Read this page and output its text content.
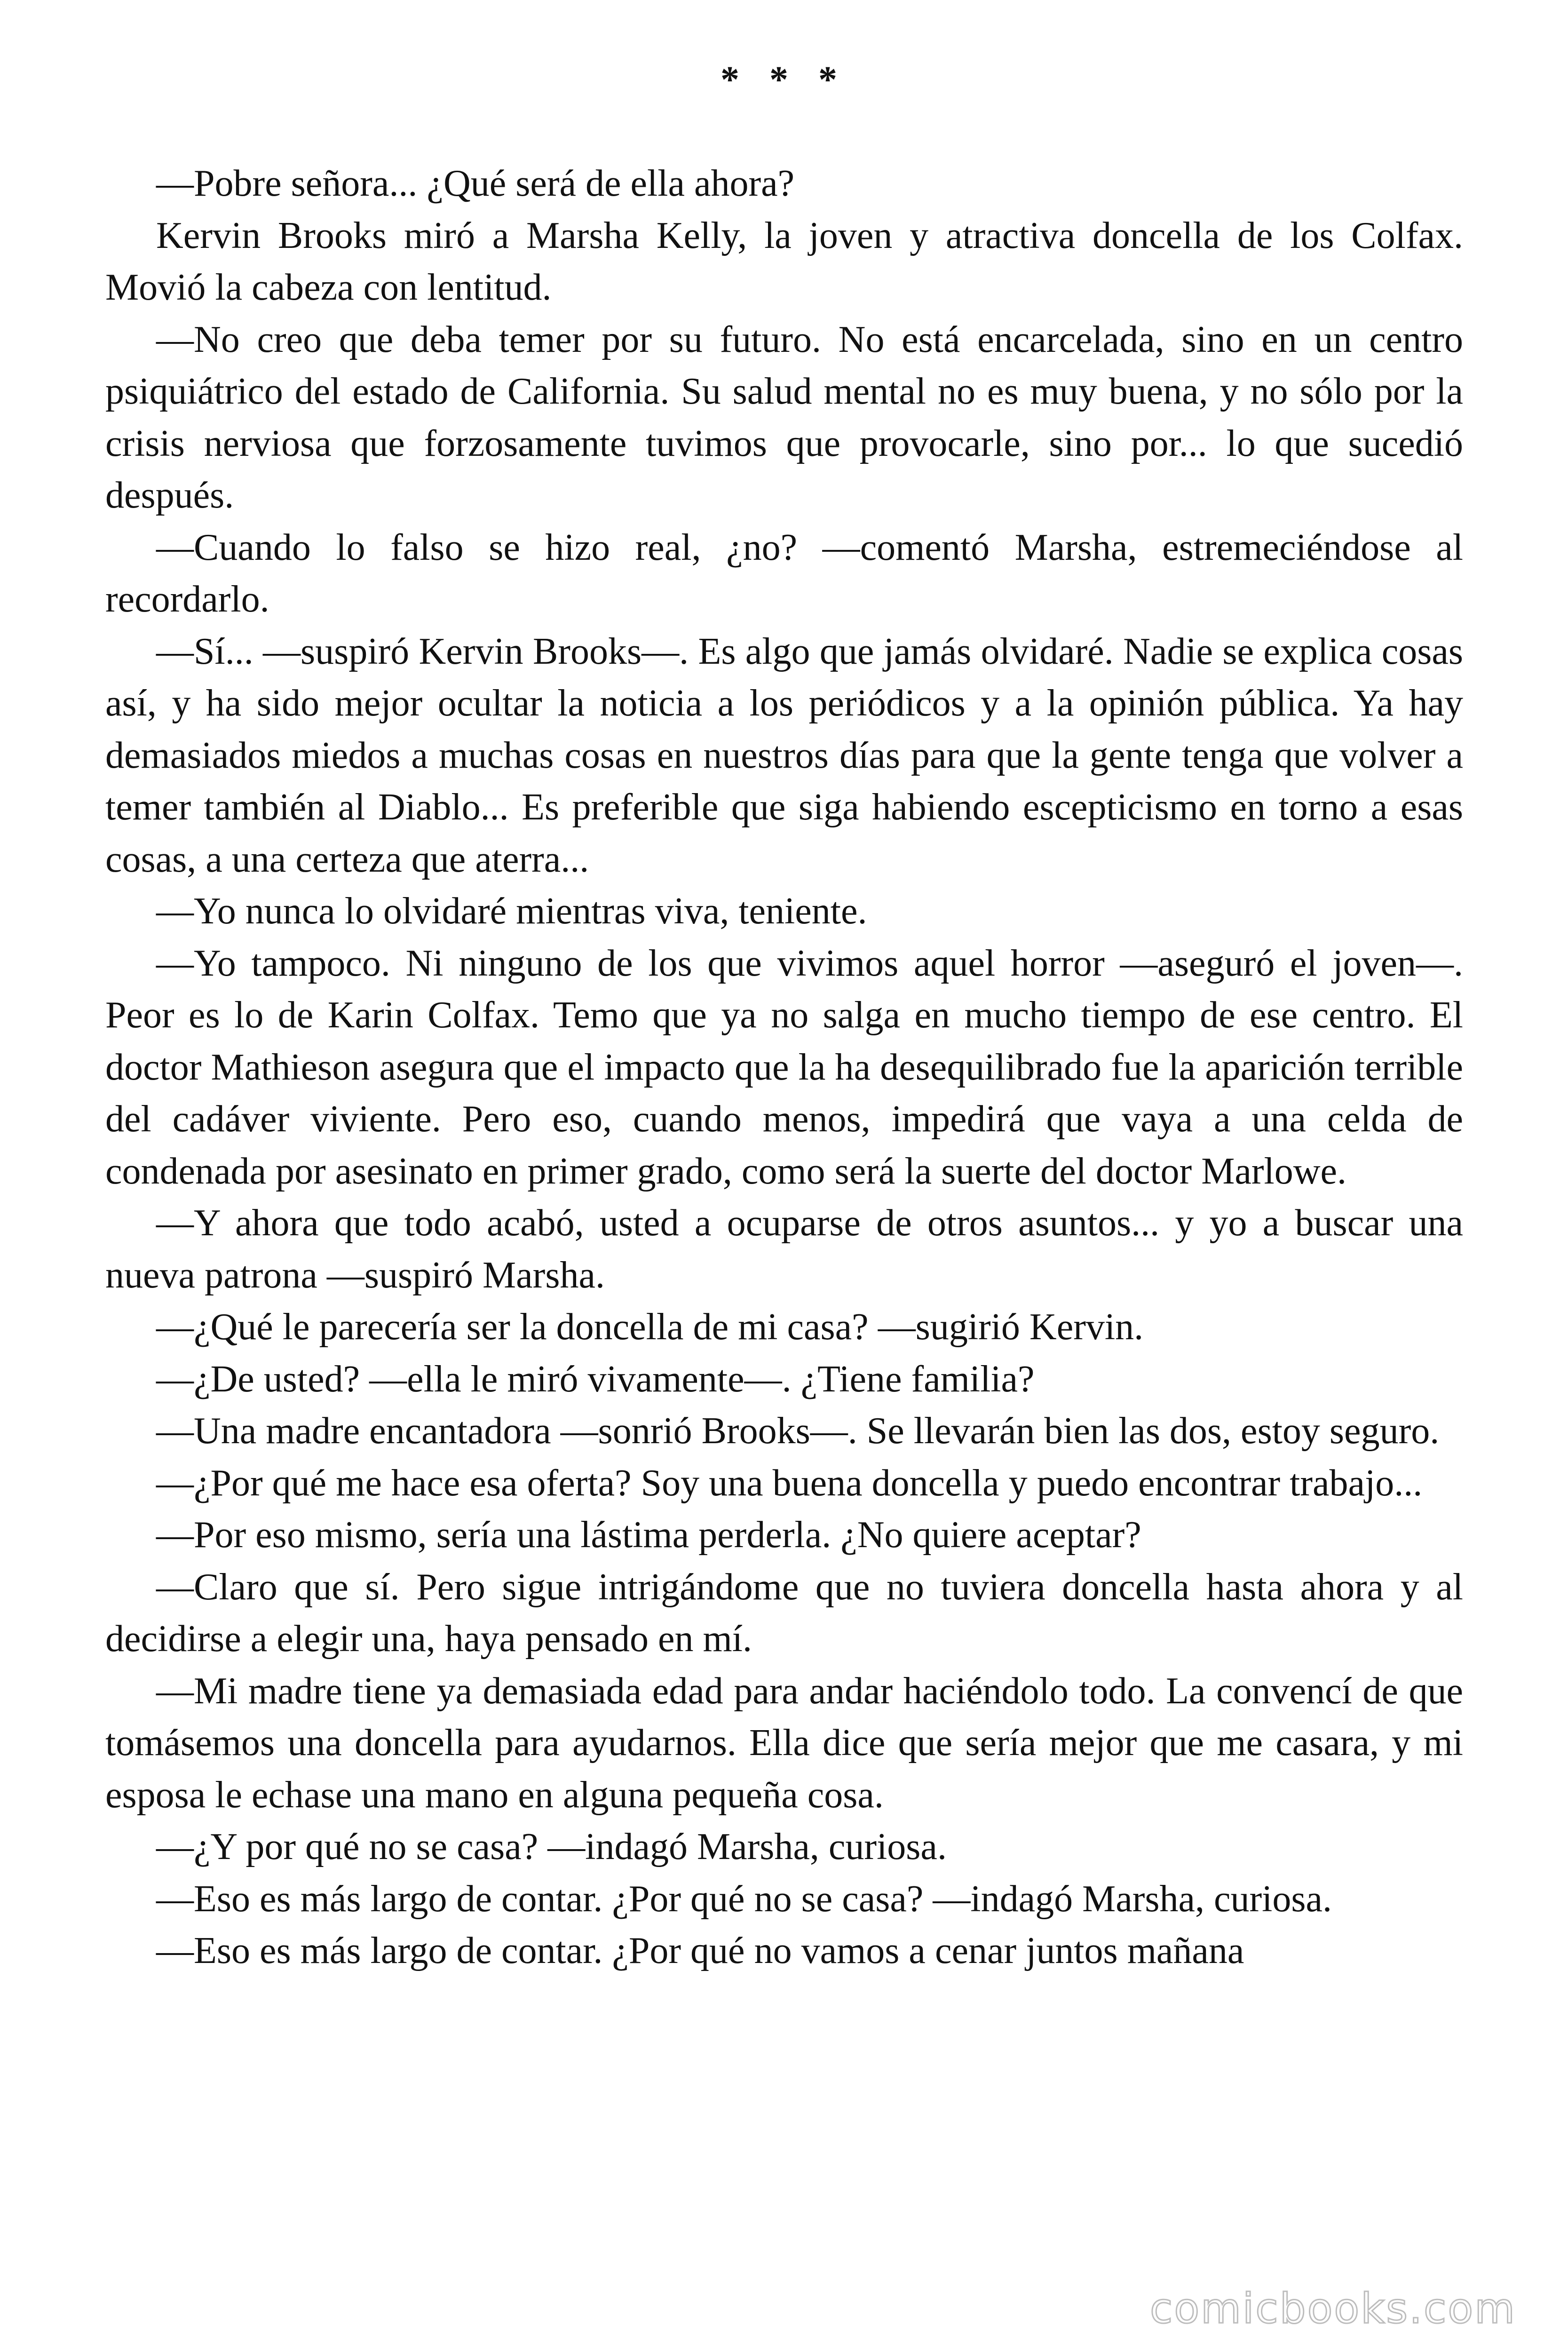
* * *

—Pobre señora... ¿Qué será de ella ahora?

Kervin Brooks miró a Marsha Kelly, la joven y atractiva doncella de los Colfax. Movió la cabeza con lentitud.

—No creo que deba temer por su futuro. No está encarcelada, sino en un centro psiquiátrico del estado de California. Su salud mental no es muy buena, y no sólo por la crisis nerviosa que forzosamente tuvimos que provocarle, sino por... lo que sucedió después.

—Cuando lo falso se hizo real, ¿no? —comentó Marsha, estremeciéndose al recordarlo.

—Sí... —suspiró Kervin Brooks—. Es algo que jamás olvidaré. Nadie se explica cosas así, y ha sido mejor ocultar la noticia a los periódicos y a la opinión pública. Ya hay demasiados miedos a muchas cosas en nuestros días para que la gente tenga que volver a temer también al Diablo... Es preferible que siga habiendo escepticismo en torno a esas cosas, a una certeza que aterra...

—Yo nunca lo olvidaré mientras viva, teniente.

—Yo tampoco. Ni ninguno de los que vivimos aquel horror —aseguró el joven—. Peor es lo de Karin Colfax. Temo que ya no salga en mucho tiempo de ese centro. El doctor Mathieson asegura que el impacto que la ha desequilibrado fue la aparición terrible del cadáver viviente. Pero eso, cuando menos, impedirá que vaya a una celda de condenada por asesinato en primer grado, como será la suerte del doctor Marlowe.

—Y ahora que todo acabó, usted a ocuparse de otros asuntos... y yo a buscar una nueva patrona —suspiró Marsha.

—¿Qué le parecería ser la doncella de mi casa? —sugirió Kervin.

—¿De usted? —ella le miró vivamente—. ¿Tiene familia?

—Una madre encantadora —sonrió Brooks—. Se llevarán bien las dos, estoy seguro.

—¿Por qué me hace esa oferta? Soy una buena doncella y puedo encontrar trabajo...

—Por eso mismo, sería una lástima perderla. ¿No quiere aceptar?

—Claro que sí. Pero sigue intrigándome que no tuviera doncella hasta ahora y al decidirse a elegir una, haya pensado en mí.

—Mi madre tiene ya demasiada edad para andar haciéndolo todo. La convencí de que tomásemos una doncella para ayudarnos. Ella dice que sería mejor que me casara, y mi esposa le echase una mano en alguna pequeña cosa.

—¿Y por qué no se casa? —indagó Marsha, curiosa.

—Eso es más largo de contar. ¿Por qué no se casa? —indagó Marsha, curiosa.

—Eso es más largo de contar. ¿Por qué no vamos a cenar juntos mañana

comicbooks.com
